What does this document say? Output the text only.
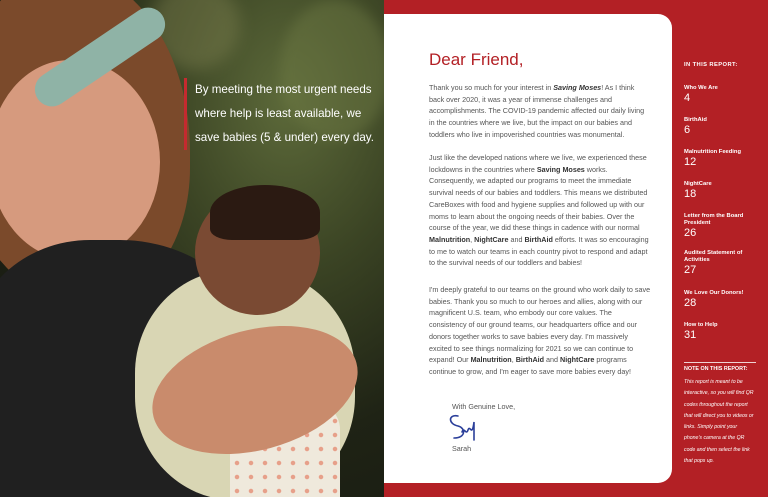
By meeting the most urgent needs where help is least available, we save babies (5 & under) every day.

Dear Friend,

Thank you so much for your interest in Saving Moses! As I think back over 2020, it was a year of immense challenges and accomplishments. The COVID-19 pandemic affected our daily living in the countries where we live, but the impact on our babies and toddlers who live in impoverished countries was monumental.

Just like the developed nations where we live, we experienced these lockdowns in the countries where Saving Moses works. Consequently, we adapted our programs to meet the immediate survival needs of our babies and toddlers. This means we distributed CareBoxes with food and hygiene supplies and followed up with our moms to learn about the ongoing needs of their babies. Over the course of the year, we did these things in cadence with our normal Malnutrition, NightCare and BirthAid efforts. It was so encouraging to me to watch our teams in each country pivot to respond and adapt to the survival needs of our toddlers and babies!

I'm deeply grateful to our teams on the ground who work daily to save babies. Thank you so much to our heroes and allies, along with our magnificent U.S. team, who embody our core values. The consistency of our ground teams, our headquarters office and our donors together works to save babies every day. I'm massively excited to see things normalizing for 2021 so we can continue to expand! Our Malnutrition, BirthAid and NightCare programs continue to grow, and I'm eager to save more babies every day!

With Genuine Love,

Sarah

IN THIS REPORT:
Who We Are
4
BirthAid
6
Malnutrition Feeding
12
NightCare
18
Letter from the Board President
26
Audited Statement of Activities
27
We Love Our Donors!
28
How to Help
31
NOTE ON THIS REPORT:

This report is meant to be interactive, so you will find QR codes throughout the report that will direct you to videos or links. Simply point your phone's camera at the QR code and then select the link that pops up.
